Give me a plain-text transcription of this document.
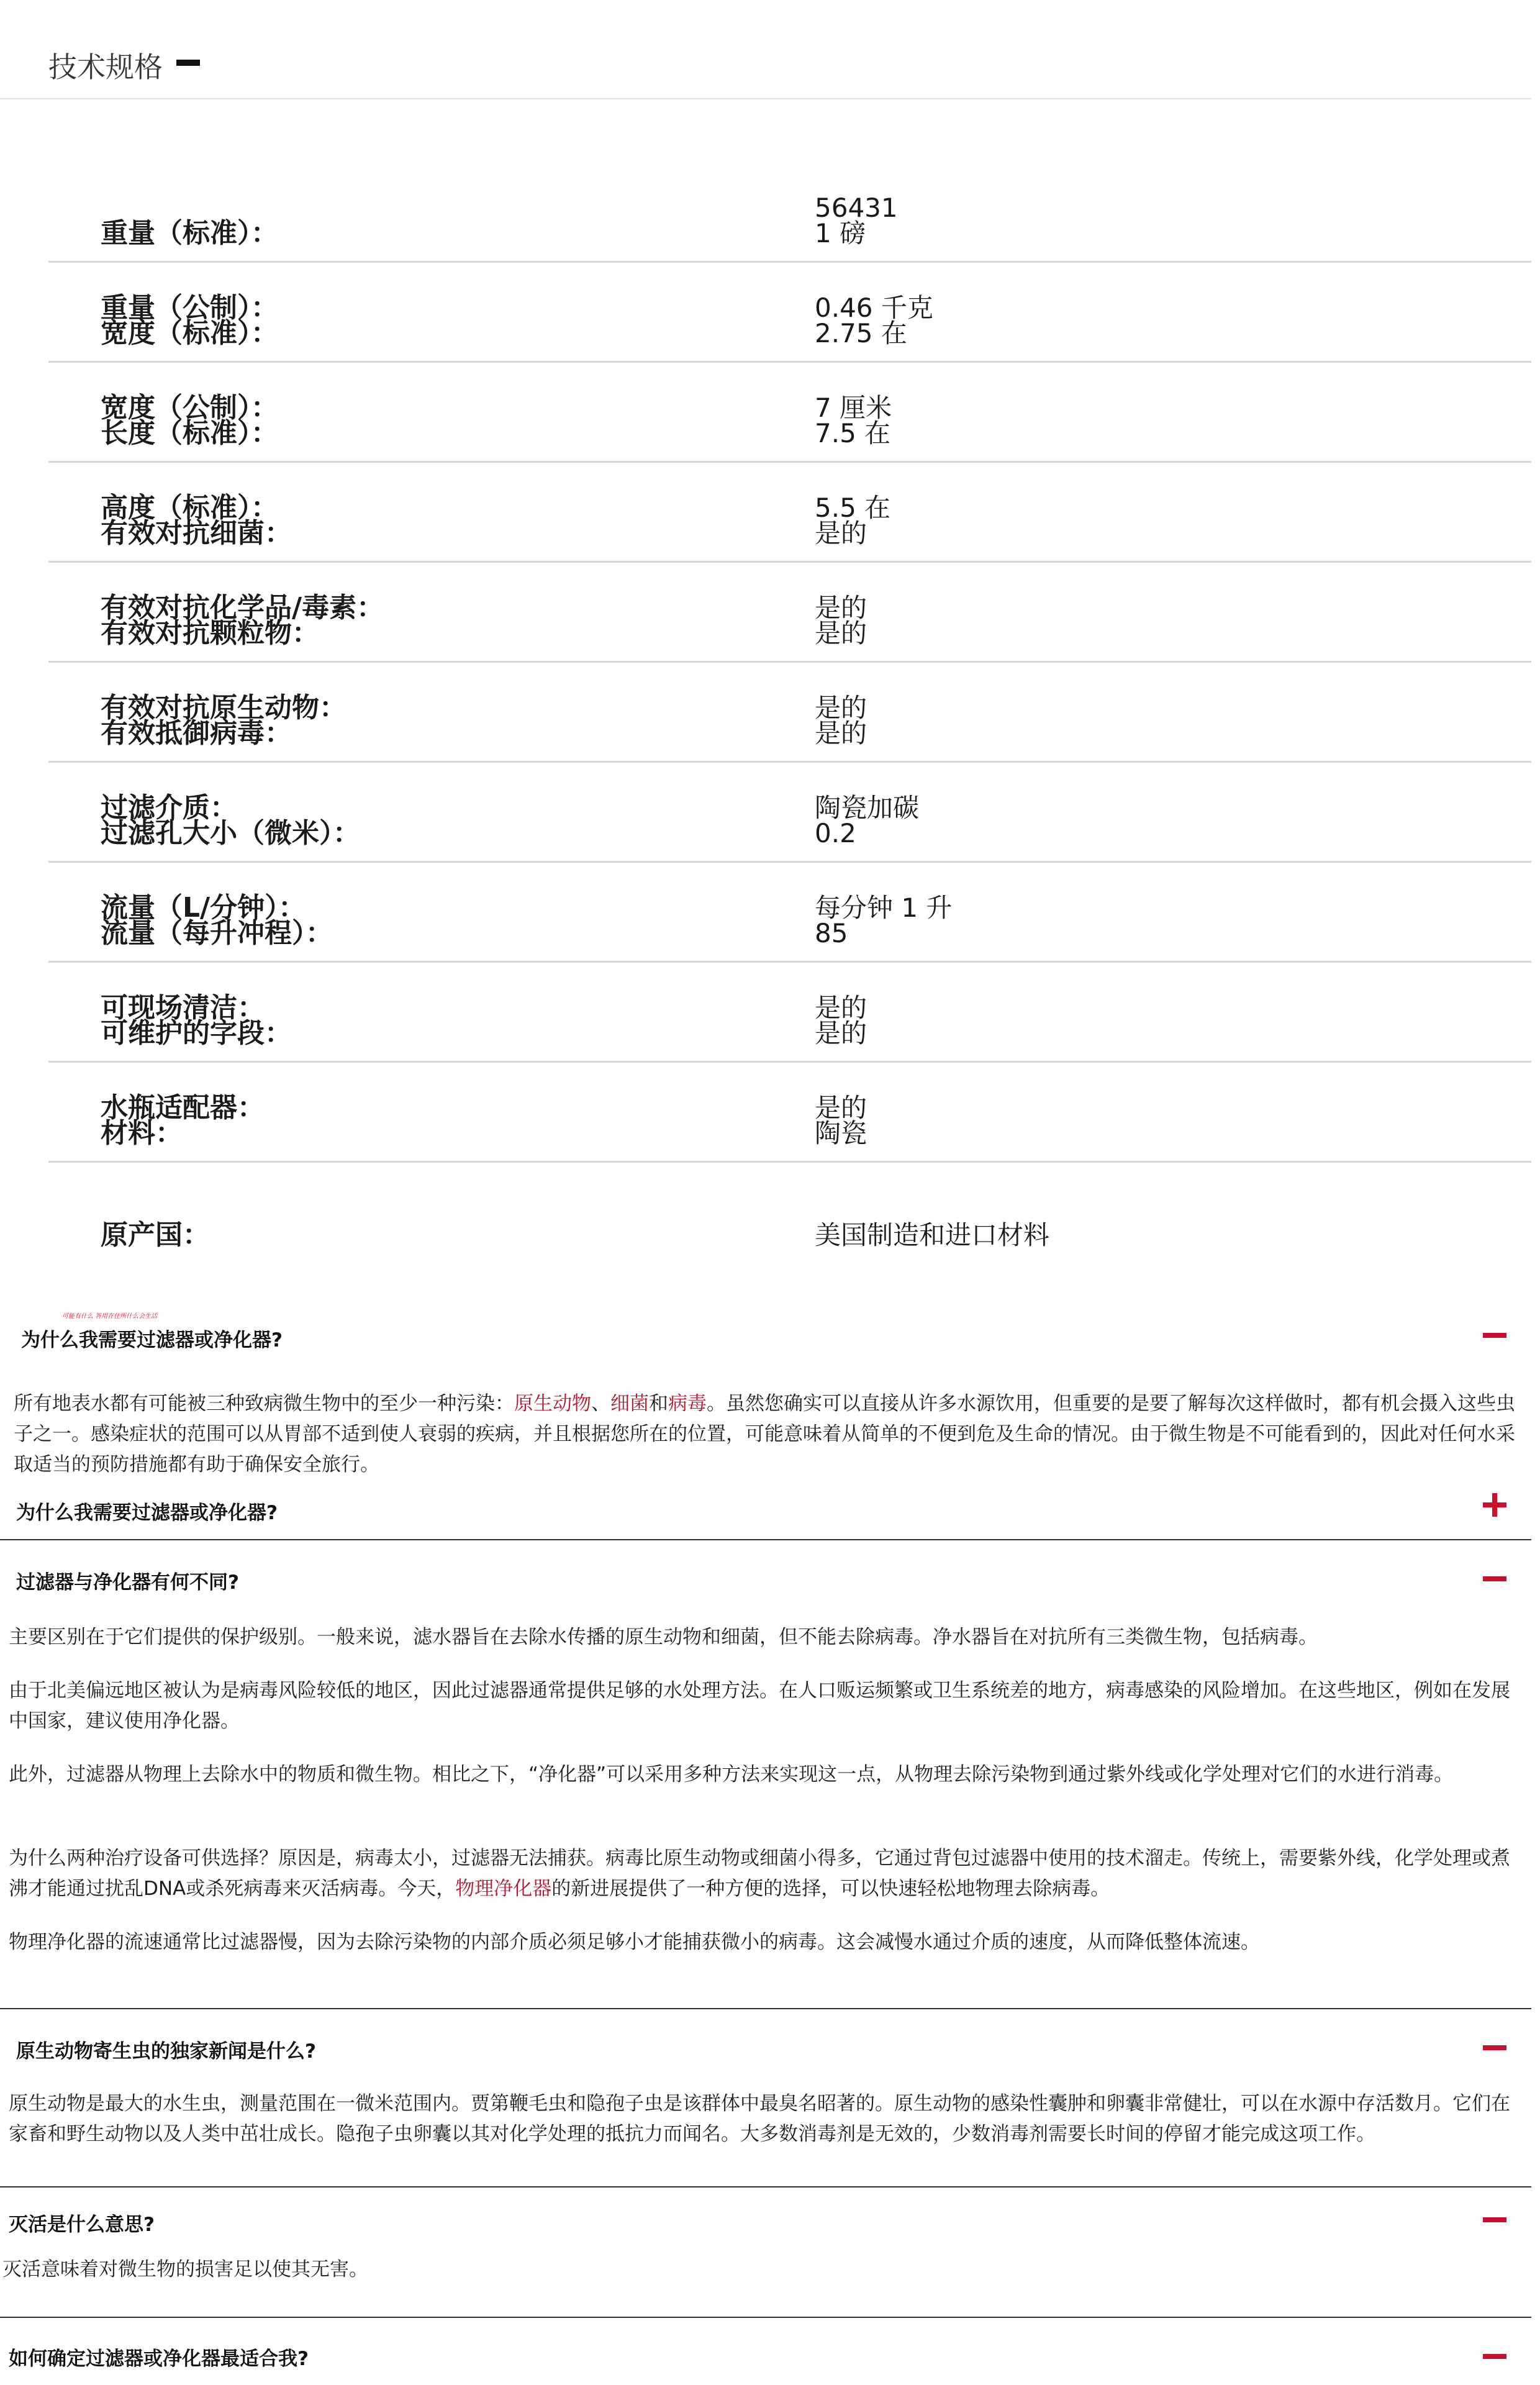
技术规格
·
重量（标准）：
56431
1 磅
重量（公制）：
宽度（标准）：
0.46 千克
2.75 在
宽度（公制）：
长度（标准）：
7 厘米
7.5 在
高度（标准）：
有效对抗细菌：
5.5 在
是的
有效对抗化学品/毒素：
有效对抗颗粒物：
是的
是的
有效对抗原生动物：
有效抵御病毒：
是的
是的
过滤介质：
过滤孔大小（微米）：
陶瓷加碳
0.2
流量（L/分钟）：
流量（每升冲程）：
每分钟 1 升
85
可现场清洁：
可维护的字段：
是的
是的
水瓶适配器：
材料：
是的
陶瓷
原产国：	美国制造和进口材料
可能有什么 答用在住所什么会生活
为什么我需要过滤器或净化器?

所有地表水都有可能被三种致病微生物中的至少一种污染：原生动物、细菌和病毒。虽然您确实可以直接从许多水源饮用，但重要的是要了解每次这样做时，都有机会摄入这些虫子之一。感染症状的范围可以从胃部不适到使人衰弱的疾病，并且根据您所在的位置，可能意味着从简单的不便到危及生命的情况。由于微生物是不可能看到的，因此对任何水采取适当的预防措施都有助于确保安全旅行。

为什么我需要过滤器或净化器?
过滤器与净化器有何不同?

主要区别在于它们提供的保护级别。一般来说，滤水器旨在去除水传播的原生动物和细菌，但不能去除病毒。净水器旨在对抗所有三类微生物，包括病毒。

由于北美偏远地区被认为是病毒风险较低的地区，因此过滤器通常提供足够的水处理方法。在人口贩运频繁或卫生系统差的地方，病毒感染的风险增加。在这些地区，例如在发展中国家，建议使用净化器。

此外，过滤器从物理上去除水中的物质和微生物。相比之下，“净化器”可以采用多种方法来实现这一点，从物理去除污染物到通过紫外线或化学处理对它们的水进行消毒。

为什么两种治疗设备可供选择？原因是，病毒太小，过滤器无法捕获。病毒比原生动物或细菌小得多，它通过背包过滤器中使用的技术溜走。传统上，需要紫外线，化学处理或煮沸才能通过扰乱DNA或杀死病毒来灭活病毒。今天，物理净化器的新进展提供了一种方便的选择，可以快速轻松地物理去除病毒。

物理净化器的流速通常比过滤器慢，因为去除污染物的内部介质必须足够小才能捕获微小的病毒。这会减慢水通过介质的速度，从而降低整体流速。

原生动物寄生虫的独家新闻是什么?

原生动物是最大的水生虫，测量范围在一微米范围内。贾第鞭毛虫和隐孢子虫是该群体中最臭名昭著的。原生动物的感染性囊肿和卵囊非常健壮，可以在水源中存活数月。它们在家畜和野生动物以及人类中茁壮成长。隐孢子虫卵囊以其对化学处理的抵抗力而闻名。大多数消毒剂是无效的，少数消毒剂需要长时间的停留才能完成这项工作。

灭活是什么意思?

灭活意味着对微生物的损害足以使其无害。

如何确定过滤器或净化器最适合我?
